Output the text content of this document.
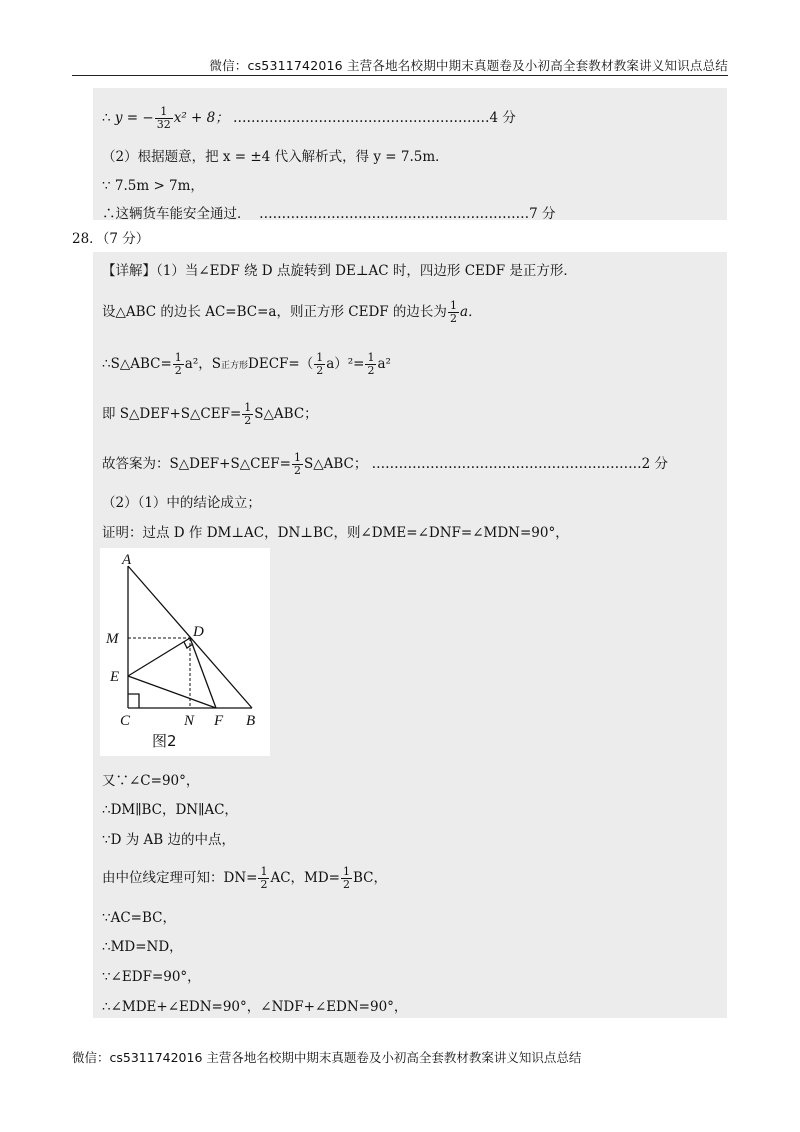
微信：cs5311742016 主营各地名校期中期末真题卷及小初高全套教材教案讲义知识点总结
∴ y = − $\frac{1}{32} x^2 + 8$； …………………………………………………4 分
（2）根据题意，把 x = ±4 代入解析式，得 y = 7.5m．
∵ 7.5m > 7m，
∴这辆货车能安全通过． ……………………………………………………7 分
28．（7 分）
【详解】（1）当∠EDF 绕 D 点旋转到 DE⊥AC 时，四边形 CEDF 是正方形．
设△ABC 的边长 AC=BC=a，则正方形 CEDF 的边长为 $\frac{1}{2}$ a．
∴S△ABC= $\frac{1}{2} a^2$，S正方形DECF=（ $\frac{1}{2} a)^2= \frac{1}{2} a^2$
即 S△DEF+S△CEF= $\frac{1}{2}$ S△ABC；
故答案为：S△DEF+S△CEF= $\frac{1}{2}$ S△ABC； ……………………………………………………2 分
（2）（1）中的结论成立；
证明：过点 D 作 DM⊥AC，DN⊥BC，则∠DME=∠DNF=∠MDN=90°，
A
M	D
E
C	N F B
图2
又∵∠C=90°，
∴DM∥BC，DN∥AC，
∵D 为 AB 边的中点，
由中位线定理可知：$DN= \frac{1}{2}$ AC，$MD= \frac{1}{2}$ BC，
∵AC=BC，
∴MD=ND，
∵∠EDF=90°，
∴∠MDE+∠EDN=90°，∠NDF+∠EDN=90°，
微信：cs5311742016 主营各地名校期中期末真题卷及小初高全套教材教案讲义知识点总结
